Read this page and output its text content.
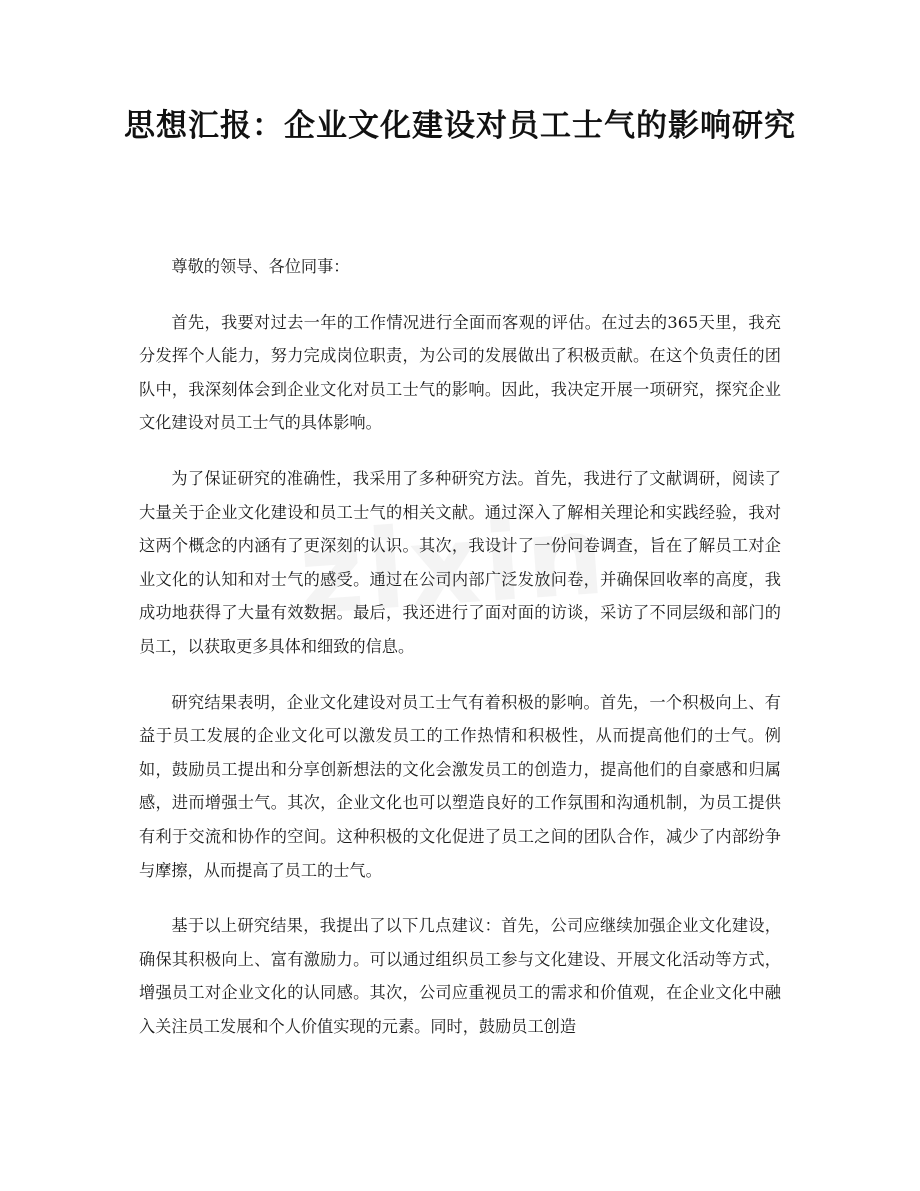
思想汇报：企业文化建设对员工士气的影响研究

尊敬的领导、各位同事：

首先，我要对过去一年的工作情况进行全面而客观的评估。在过去的365天里，我充分发挥个人能力，努力完成岗位职责，为公司的发展做出了积极贡献。在这个负责任的团队中，我深刻体会到企业文化对员工士气的影响。因此，我决定开展一项研究，探究企业文化建设对员工士气的具体影响。

为了保证研究的准确性，我采用了多种研究方法。首先，我进行了文献调研，阅读了大量关于企业文化建设和员工士气的相关文献。通过深入了解相关理论和实践经验，我对这两个概念的内涵有了更深刻的认识。其次，我设计了一份问卷调查，旨在了解员工对企业文化的认知和对士气的感受。通过在公司内部广泛发放问卷，并确保回收率的高度，我成功地获得了大量有效数据。最后，我还进行了面对面的访谈，采访了不同层级和部门的员工，以获取更多具体和细致的信息。

研究结果表明，企业文化建设对员工士气有着积极的影响。首先，一个积极向上、有益于员工发展的企业文化可以激发员工的工作热情和积极性，从而提高他们的士气。例如，鼓励员工提出和分享创新想法的文化会激发员工的创造力，提高他们的自豪感和归属感，进而增强士气。其次，企业文化也可以塑造良好的工作氛围和沟通机制，为员工提供有利于交流和协作的空间。这种积极的文化促进了员工之间的团队合作，减少了内部纷争与摩擦，从而提高了员工的士气。

基于以上研究结果，我提出了以下几点建议：首先，公司应继续加强企业文化建设，确保其积极向上、富有激励力。可以通过组织员工参与文化建设、开展文化活动等方式，增强员工对企业文化的认同感。其次，公司应重视员工的需求和价值观，在企业文化中融入关注员工发展和个人价值实现的元素。同时，鼓励员工创造
